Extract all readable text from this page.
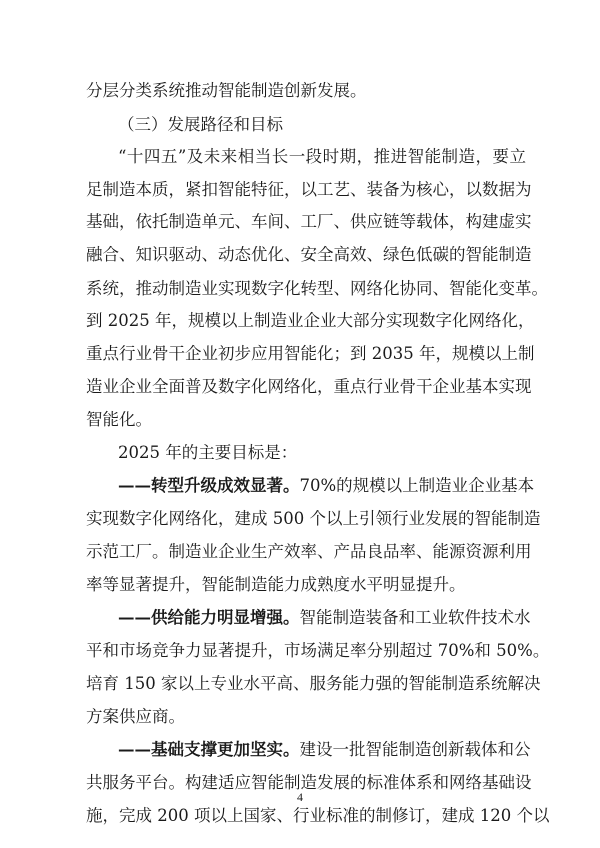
分层分类系统推动智能制造创新发展。
（三）发展路径和目标
“十四五”及未来相当长一段时期，推进智能制造，要立
足制造本质，紧扣智能特征，以工艺、装备为核心，以数据为
基础，依托制造单元、车间、工厂、供应链等载体，构建虚实
融合、知识驱动、动态优化、安全高效、绿色低碳的智能制造
系统，推动制造业实现数字化转型、网络化协同、智能化变革。
到 2025 年，规模以上制造业企业大部分实现数字化网络化，
重点行业骨干企业初步应用智能化；到 2035 年，规模以上制
造业企业全面普及数字化网络化，重点行业骨干企业基本实现
智能化。
2025 年的主要目标是：
——转型升级成效显著。70%的规模以上制造业企业基本
实现数字化网络化，建成 500 个以上引领行业发展的智能制造
示范工厂。制造业企业生产效率、产品良品率、能源资源利用
率等显著提升，智能制造能力成熟度水平明显提升。
——供给能力明显增强。智能制造装备和工业软件技术水
平和市场竞争力显著提升，市场满足率分别超过 70%和 50%。
培育 150 家以上专业水平高、服务能力强的智能制造系统解决
方案供应商。
——基础支撑更加坚实。建设一批智能制造创新载体和公
共服务平台。构建适应智能制造发展的标准体系和网络基础设
施，完成 200 项以上国家、行业标准的制修订，建成 120 个以
4
